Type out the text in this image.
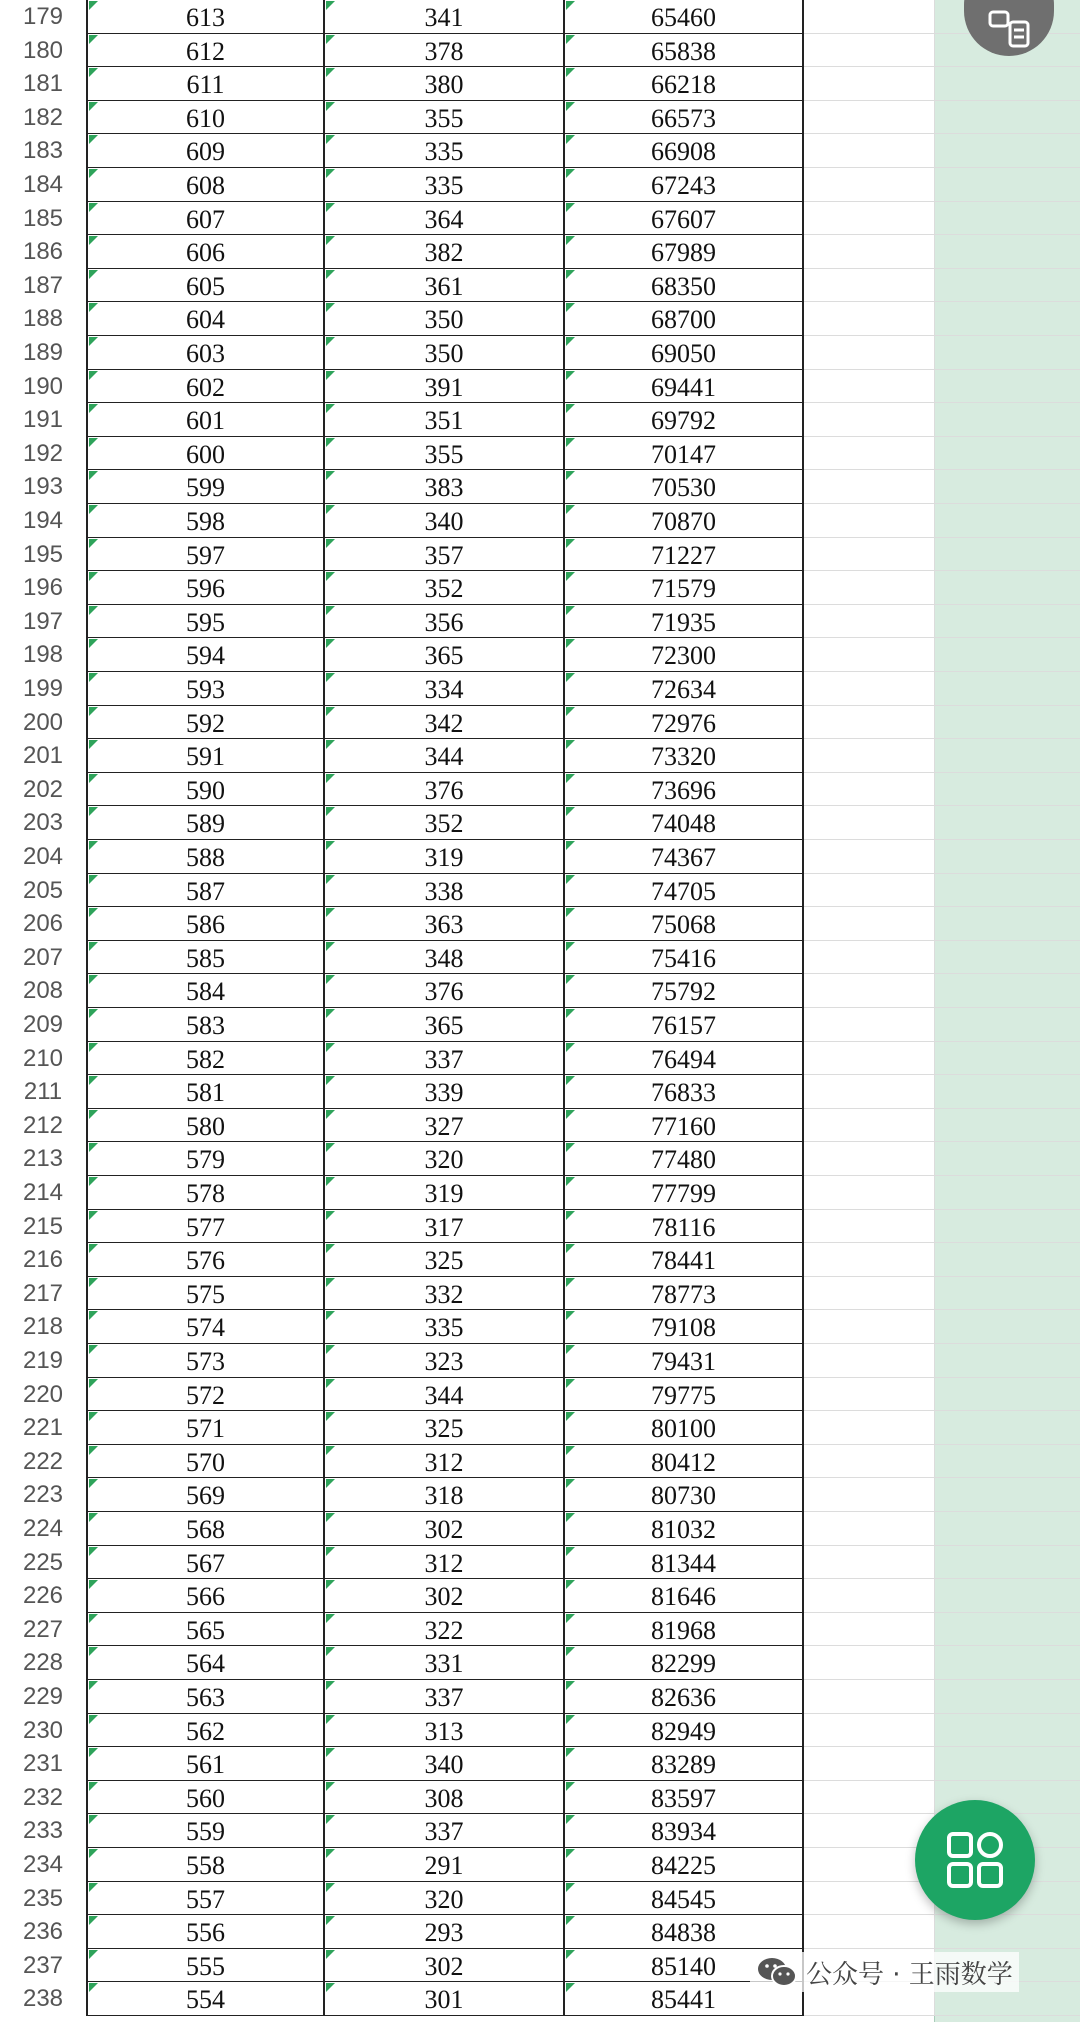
179	613	341	65460
180	612	378	65838
181	611	380	66218
182	610	355	66573
183	609	335	66908
184	608	335	67243
185	607	364	67607
186	606	382	67989
187	605	361	68350
188	604	350	68700
189	603	350	69050
190	602	391	69441
191	601	351	69792
192	600	355	70147
193	599	383	70530
194	598	340	70870
195	597	357	71227
196	596	352	71579
197	595	356	71935
198	594	365	72300
199	593	334	72634
200	592	342	72976
201	591	344	73320
202	590	376	73696
203	589	352	74048
204	588	319	74367
205	587	338	74705
206	586	363	75068
207	585	348	75416
208	584	376	75792
209	583	365	76157
210	582	337	76494
211	581	339	76833
212	580	327	77160
213	579	320	77480
214	578	319	77799
215	577	317	78116
216	576	325	78441
217	575	332	78773
218	574	335	79108
219	573	323	79431
220	572	344	79775
221	571	325	80100
222	570	312	80412
223	569	318	80730
224	568	302	81032
225	567	312	81344
226	566	302	81646
227	565	322	81968
228	564	331	82299
229	563	337	82636
230	562	313	82949
231	561	340	83289
232	560	308	83597
233	559	337	83934
234	558	291	84225
235	557	320	84545
236	556	293	84838
237	555	302	85140
238	554	301	85441
公众号 · 王雨数学
